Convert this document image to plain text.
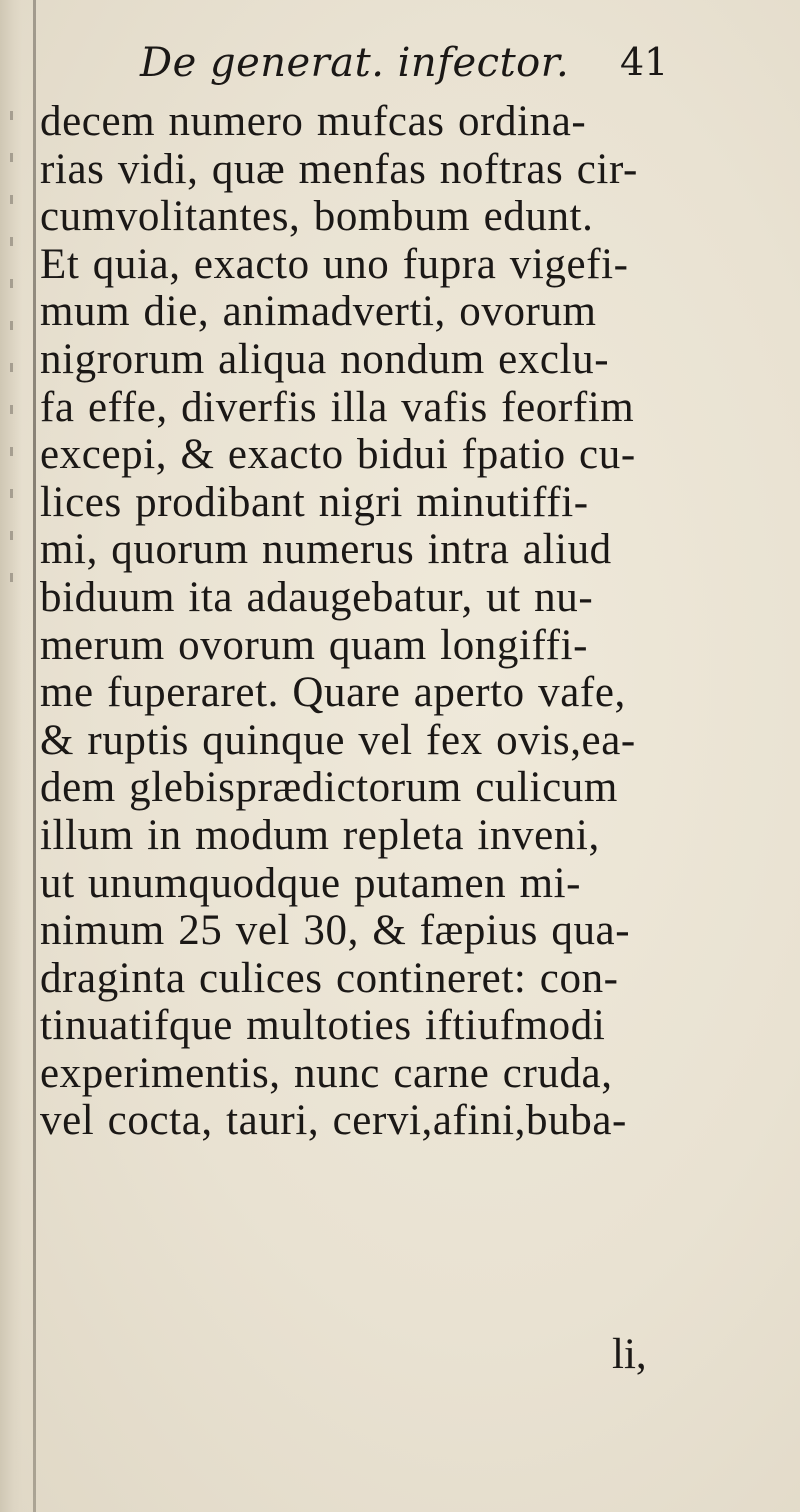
De generat. infector. 41
decem numero mufcas ordina-
rias vidi, quæ menfas noftras cir-
cumvolitantes, bombum edunt.
Et quia, exacto uno fupra vigefi-
mum die, animadverti, ovorum
nigrorum aliqua nondum exclu-
fa effe, diverfis illa vafis feorfim
excepi, & exacto bidui fpatio cu-
lices prodibant nigri minutiffi-
mi, quorum numerus intra aliud
biduum ita adaugebatur, ut nu-
merum ovorum quam longiffi-
me fuperaret. Quare aperto vafe,
& ruptis quinque vel fex ovis,ea-
dem glebisprædictorum culicum
illum in modum repleta inveni,
ut unumquodque putamen mi-
nimum 25 vel 30, & fæpius qua-
draginta culices contineret: con-
tinuatifque multoties iftiufmodi
experimentis, nunc carne cruda,
vel cocta, tauri, cervi,afini,buba-
li,
